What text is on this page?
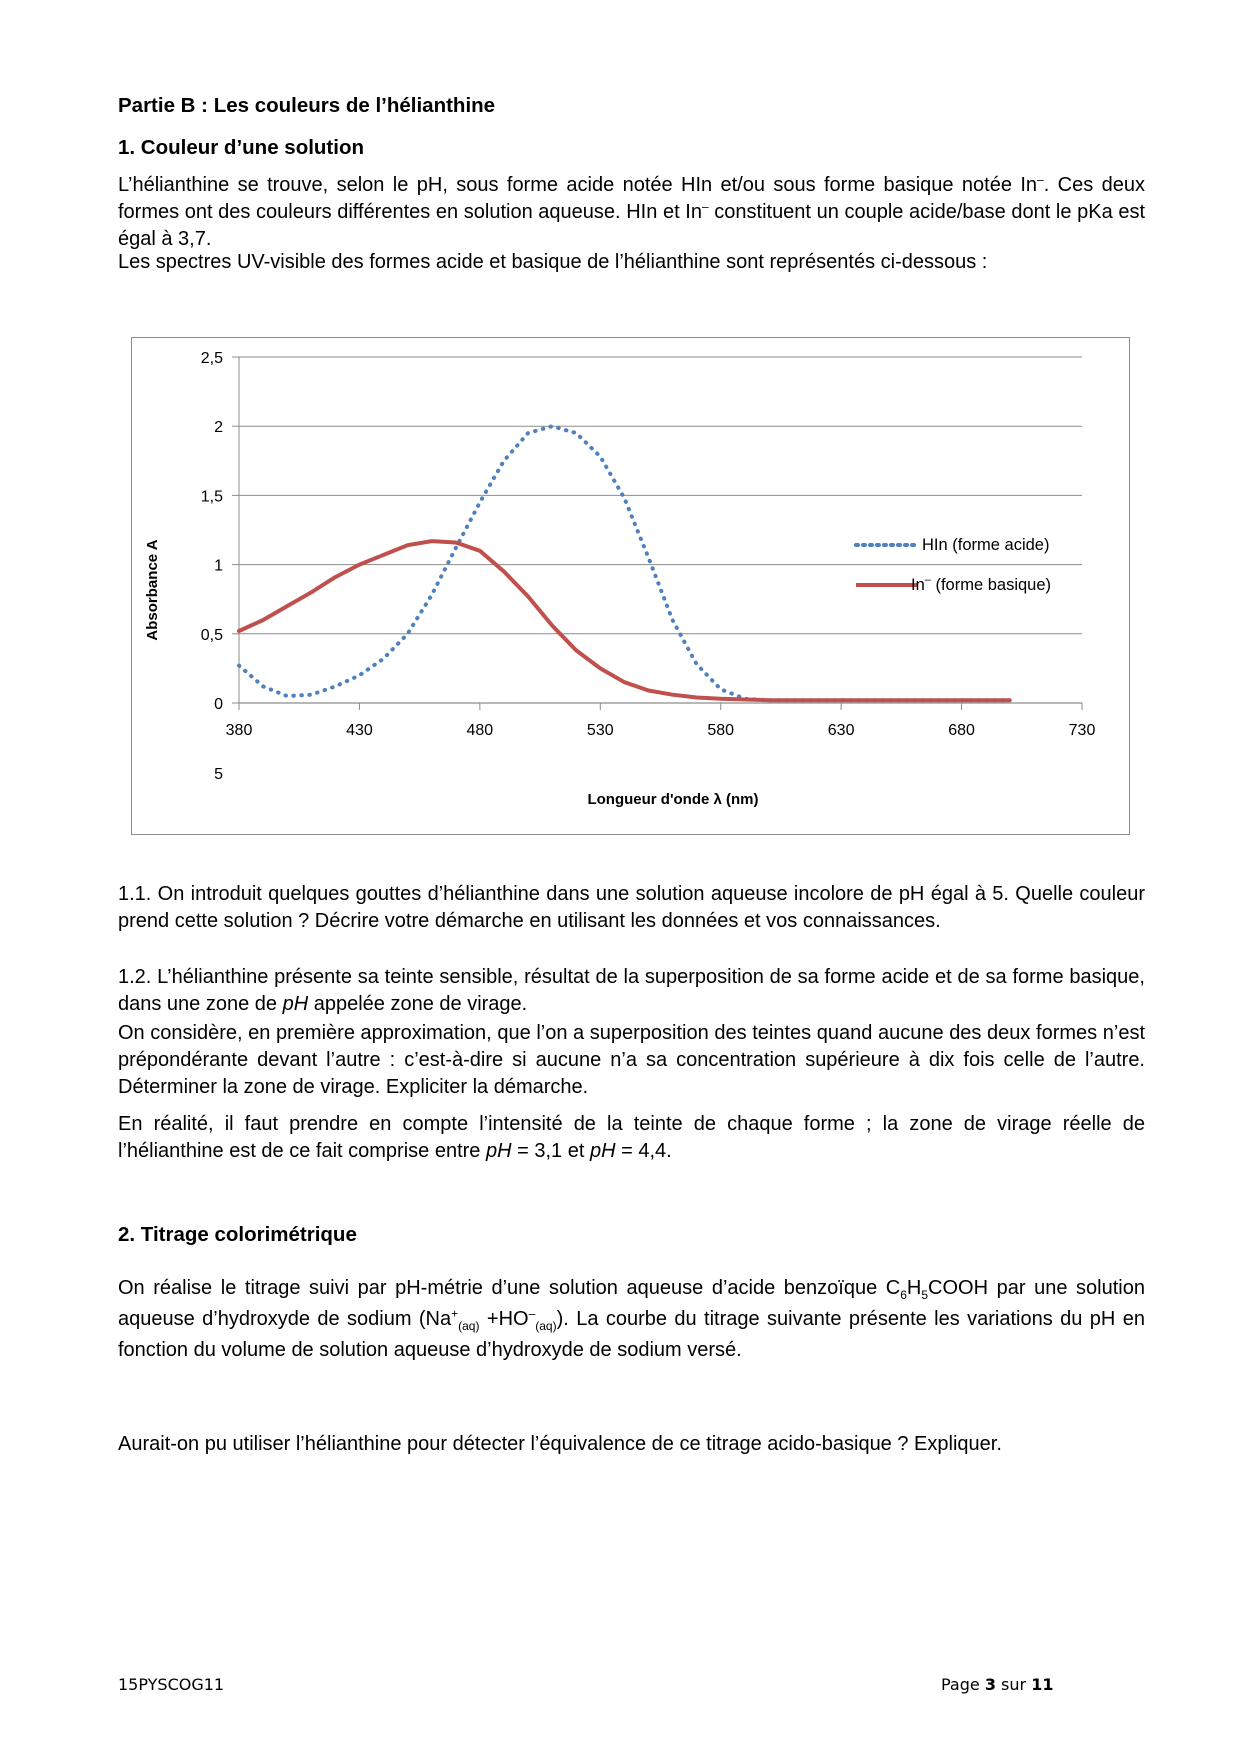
Partie B : Les couleurs de l’hélianthine
1. Couleur d’une solution

L’hélianthine se trouve, selon le pH, sous forme acide notée HIn et/ou sous forme basique notée In–. Ces deux formes ont des couleurs différentes en solution aqueuse. HIn et In– constituent un couple acide/base dont le pKa est égal à 3,7.

Les spectres UV-visible des formes acide et basique de l’hélianthine sont représentés ci-dessous :

0
0,5
1
1,5
2
2,5
5
380	430	480	530	580	630	680	730
Absorbance A
Longueur d'onde λ (nm)
HIn (forme acide)
In– (forme basique)

1.1. On introduit quelques gouttes d’hélianthine dans une solution aqueuse incolore de pH égal à 5. Quelle couleur prend cette solution ? Décrire votre démarche en utilisant les données et vos connaissances.

1.2. L’hélianthine présente sa teinte sensible, résultat de la superposition de sa forme acide et de sa forme basique, dans une zone de pH appelée zone de virage.

On considère, en première approximation, que l’on a superposition des teintes quand aucune des deux formes n’est prépondérante devant l’autre : c’est-à-dire si aucune n’a sa concentration supérieure à dix fois celle de l’autre. Déterminer la zone de virage. Expliciter la démarche.

En réalité, il faut prendre en compte l’intensité de la teinte de chaque forme ; la zone de virage réelle de l’hélianthine est de ce fait comprise entre pH = 3,1 et pH = 4,4.

2. Titrage colorimétrique

On réalise le titrage suivi par pH-métrie d’une solution aqueuse d’acide benzoïque $C_6H_5COOH$ par une solution aqueuse d’hydroxyde de sodium $(Na^+_{(aq)} +HO^-_{(aq)})$. La courbe du titrage suivante présente les variations du pH en fonction du volume de solution aqueuse d’hydroxyde de sodium versé.

Aurait-on pu utiliser l’hélianthine pour détecter l’équivalence de ce titrage acido-basique ? Expliquer.

15PYSCOG11	Page 3 sur 11
